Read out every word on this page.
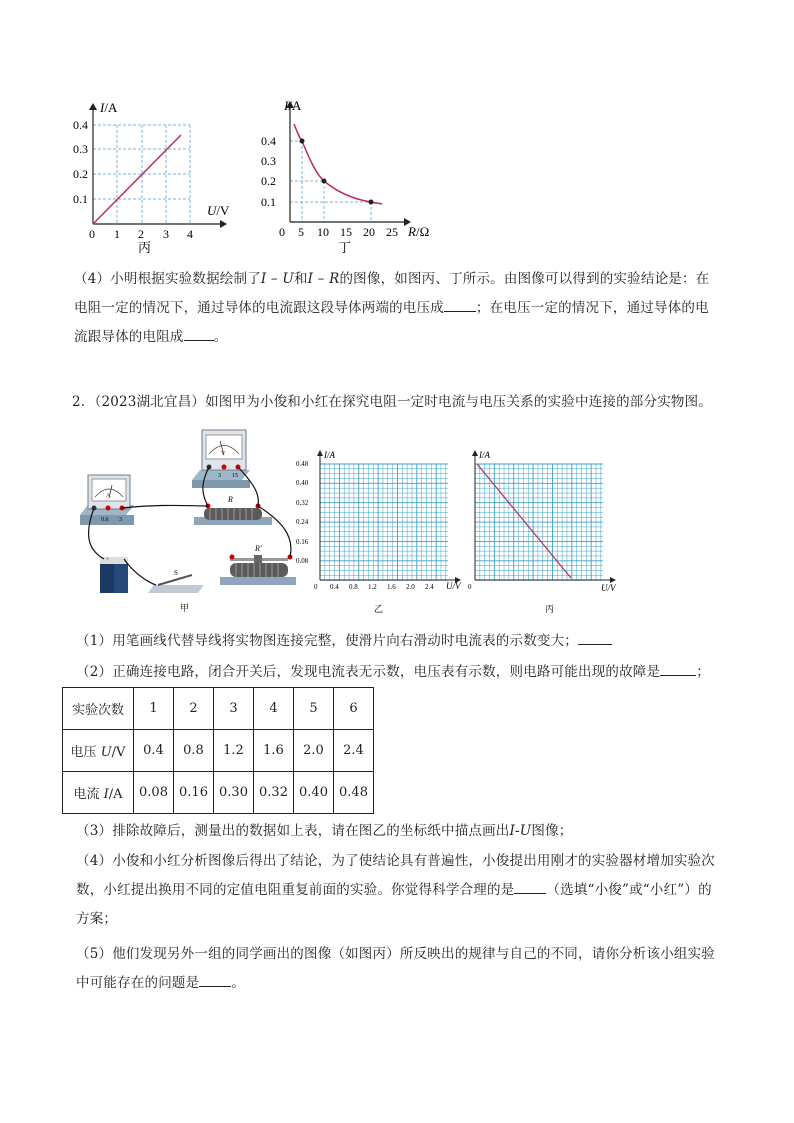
I/A
0.4
0.3
0.2
0.1
0 1 2 3 4
U/V
丙
I/A
0.4
0.3
0.2
0.1
0 5 10 15 20 25 R/Ω
丁
（4）小明根据实验数据绘制了I – U和I – R的图像，如图丙、丁所示。由图像可以得到的实验结论是：在
电阻一定的情况下，通过导体的电流跟这段导体两端的电压成 ；在电压一定的情况下，通过导体的电
流跟导体的电阻成 。
2．（2023湖北宜昌）如图甲为小俊和小红在探究电阻一定时电流与电压关系的实验中连接的部分实物图。
A
0.6 3
V
3 15
R
R′
+
S
甲
I/A
0.48
0.40
0.32
0.24
0.16
0.08
0 0.4 0.8 1.2 1.6 2.0 2.4 U/V
乙
I/A
0	U/V
丙
（1）用笔画线代替导线将实物图连接完整，使滑片向右滑动时电流表的示数变大；
（2）正确连接电路，闭合开关后，发现电流表无示数，电压表有示数，则电路可能出现的故障是	；
实验次数	1	2	3	4	5	6
电压 U/V	0.4	0.8	1.2	1.6	2.0	2.4
电流 I/A	0.08	0.16	0.30	0.32	0.40	0.48
（3）排除故障后，测量出的数据如上表，请在图乙的坐标纸中描点画出I-U图像；
（4）小俊和小红分析图像后得出了结论，为了使结论具有普遍性，小俊提出用刚才的实验器材增加实验次
数，小红提出换用不同的定值电阻重复前面的实验。你觉得科学合理的是 （选填“小俊”或“小红”）的
方案；
（5）他们发现另外一组的同学画出的图像（如图丙）所反映出的规律与自己的不同，请你分析该小组实验
中可能存在的问题是 。
